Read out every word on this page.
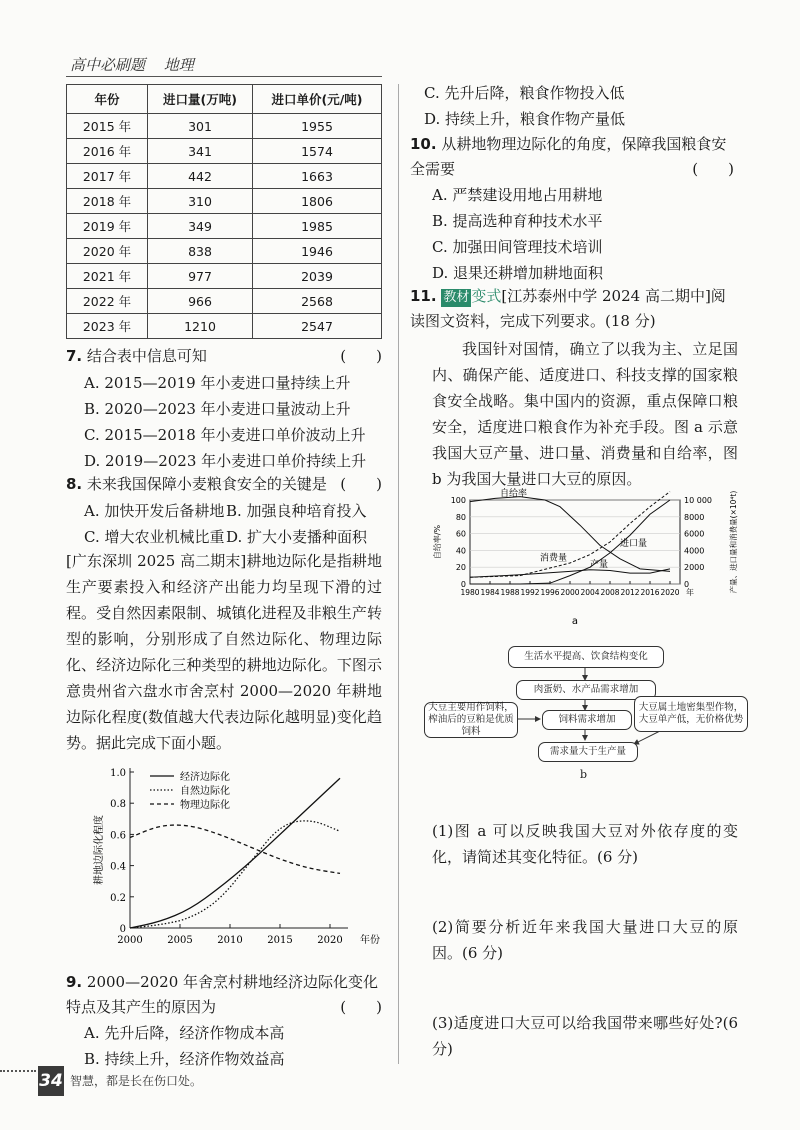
高中必刷题 地理
年份	进口量(万吨)	进口单价(元/吨)
2015 年	301	1955
2016 年	341	1574
2017 年	442	1663
2018 年	310	1806
2019 年	349	1985
2020 年	838	1946
2021 年	977	2039
2022 年	966	2568
2023 年	1210	2547
7. 结合表中信息可知	(　　)
A. 2015—2019 年小麦进口量持续上升
B. 2020—2023 年小麦进口量波动上升
C. 2015—2018 年小麦进口单价波动上升
D. 2019—2023 年小麦进口单价持续上升
8. 未来我国保障小麦粮食安全的关键是 (　　)
A. 加快开发后备耕地 B. 加强良种培育投入
C. 增大农业机械比重 D. 扩大小麦播种面积
[广东深圳 2025 高二期末]耕地边际化是指耕地生产要素投入和经济产出能力均呈现下滑的过程。受自然因素限制、城镇化进程及非粮生产转型的影响，分别形成了自然边际化、物理边际化、经济边际化三种类型的耕地边际化。下图示意贵州省六盘水市舍烹村 2000—2020 年耕地边际化程度(数值越大代表边际化越明显)变化趋势。据此完成下面小题。
0
0.2
0.4
0.6
0.8
1.0
2000 2005 2010 2015 2020 年份
耕地边际化程度
经济边际化
自然边际化
物理边际化
9. 2000—2020 年舍烹村耕地经济边际化变化特点及其产生的原因为	(　　)
A. 先升后降，经济作物成本高
B. 持续上升，经济作物效益高
C. 先升后降，粮食作物投入低
D. 持续上升，粮食作物产量低
10. 从耕地物理边际化的角度，保障我国粮食安全需要	(　　)
A. 严禁建设用地占用耕地
B. 提高选种育种技术水平
C. 加强田间管理技术培训
D. 退果还耕增加耕地面积
11. 教材 变式[江苏泰州中学 2024 高二期中]阅读图文资料，完成下列要求。(18 分)
我国针对国情，确立了以我为主、立足国内、确保产能、适度进口、科技支撑的国家粮食安全战略。集中国内的资源，重点保障口粮安全，适度进口粮食作为补充手段。图 a 示意我国大豆产量、进口量、消费量和自给率，图 b 为我国大量进口大豆的原因。
0
20
40
60
80
100
0
2000
4000
6000
8000
10 000
1980 1984 1988 1992 1996 2000 2004 2008 2012 2016 2020 年
自给率/%	产量、进口量和消费量(×10⁴t)
自给率
进口量
消费量
产量
a
生活水平提高、饮食结构变化
肉蛋奶、水产品需求增加
大豆主要用作饲料，榨油后的豆粕是优质饲料
饲料需求增加
大豆属土地密集型作物，大豆单产低，无价格优势
需求量大于生产量
b
(1)图 a 可以反映我国大豆对外依存度的变化，请简述其变化特征。(6 分)
(2)简要分析近年来我国大量进口大豆的原因。(6 分)
(3)适度进口大豆可以给我国带来哪些好处?(6 分)
34 智慧，都是长在伤口处。
